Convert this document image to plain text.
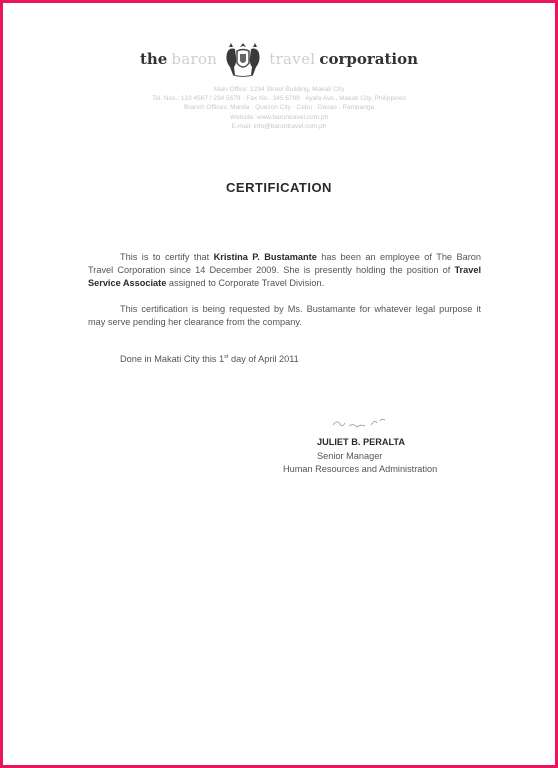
the baron	travel corporation
Main Office: 1234 Street Building, Makati City
Tel. Nos.: 123 4567 / 234 5678 · Fax No.: 345 6789 · Ayala Ave., Makati City, Philippines
Branch Offices: Manila · Quezon City · Cebu · Davao · Pampanga
Website: www.barontravel.com.ph
E-mail: info@barontravel.com.ph
CERTIFICATION
This is to certify that Kristina P. Bustamante has been an employee of The Baron Travel Corporation since 14 December 2009. She is presently holding the position of Travel Service Associate assigned to Corporate Travel Division.
This certification is being requested by Ms. Bustamante for whatever legal purpose it may serve pending her clearance from the company.
Done in Makati City this 1st day of April 2011
JULIET B. PERALTA
Senior Manager
Human Resources and Administration
